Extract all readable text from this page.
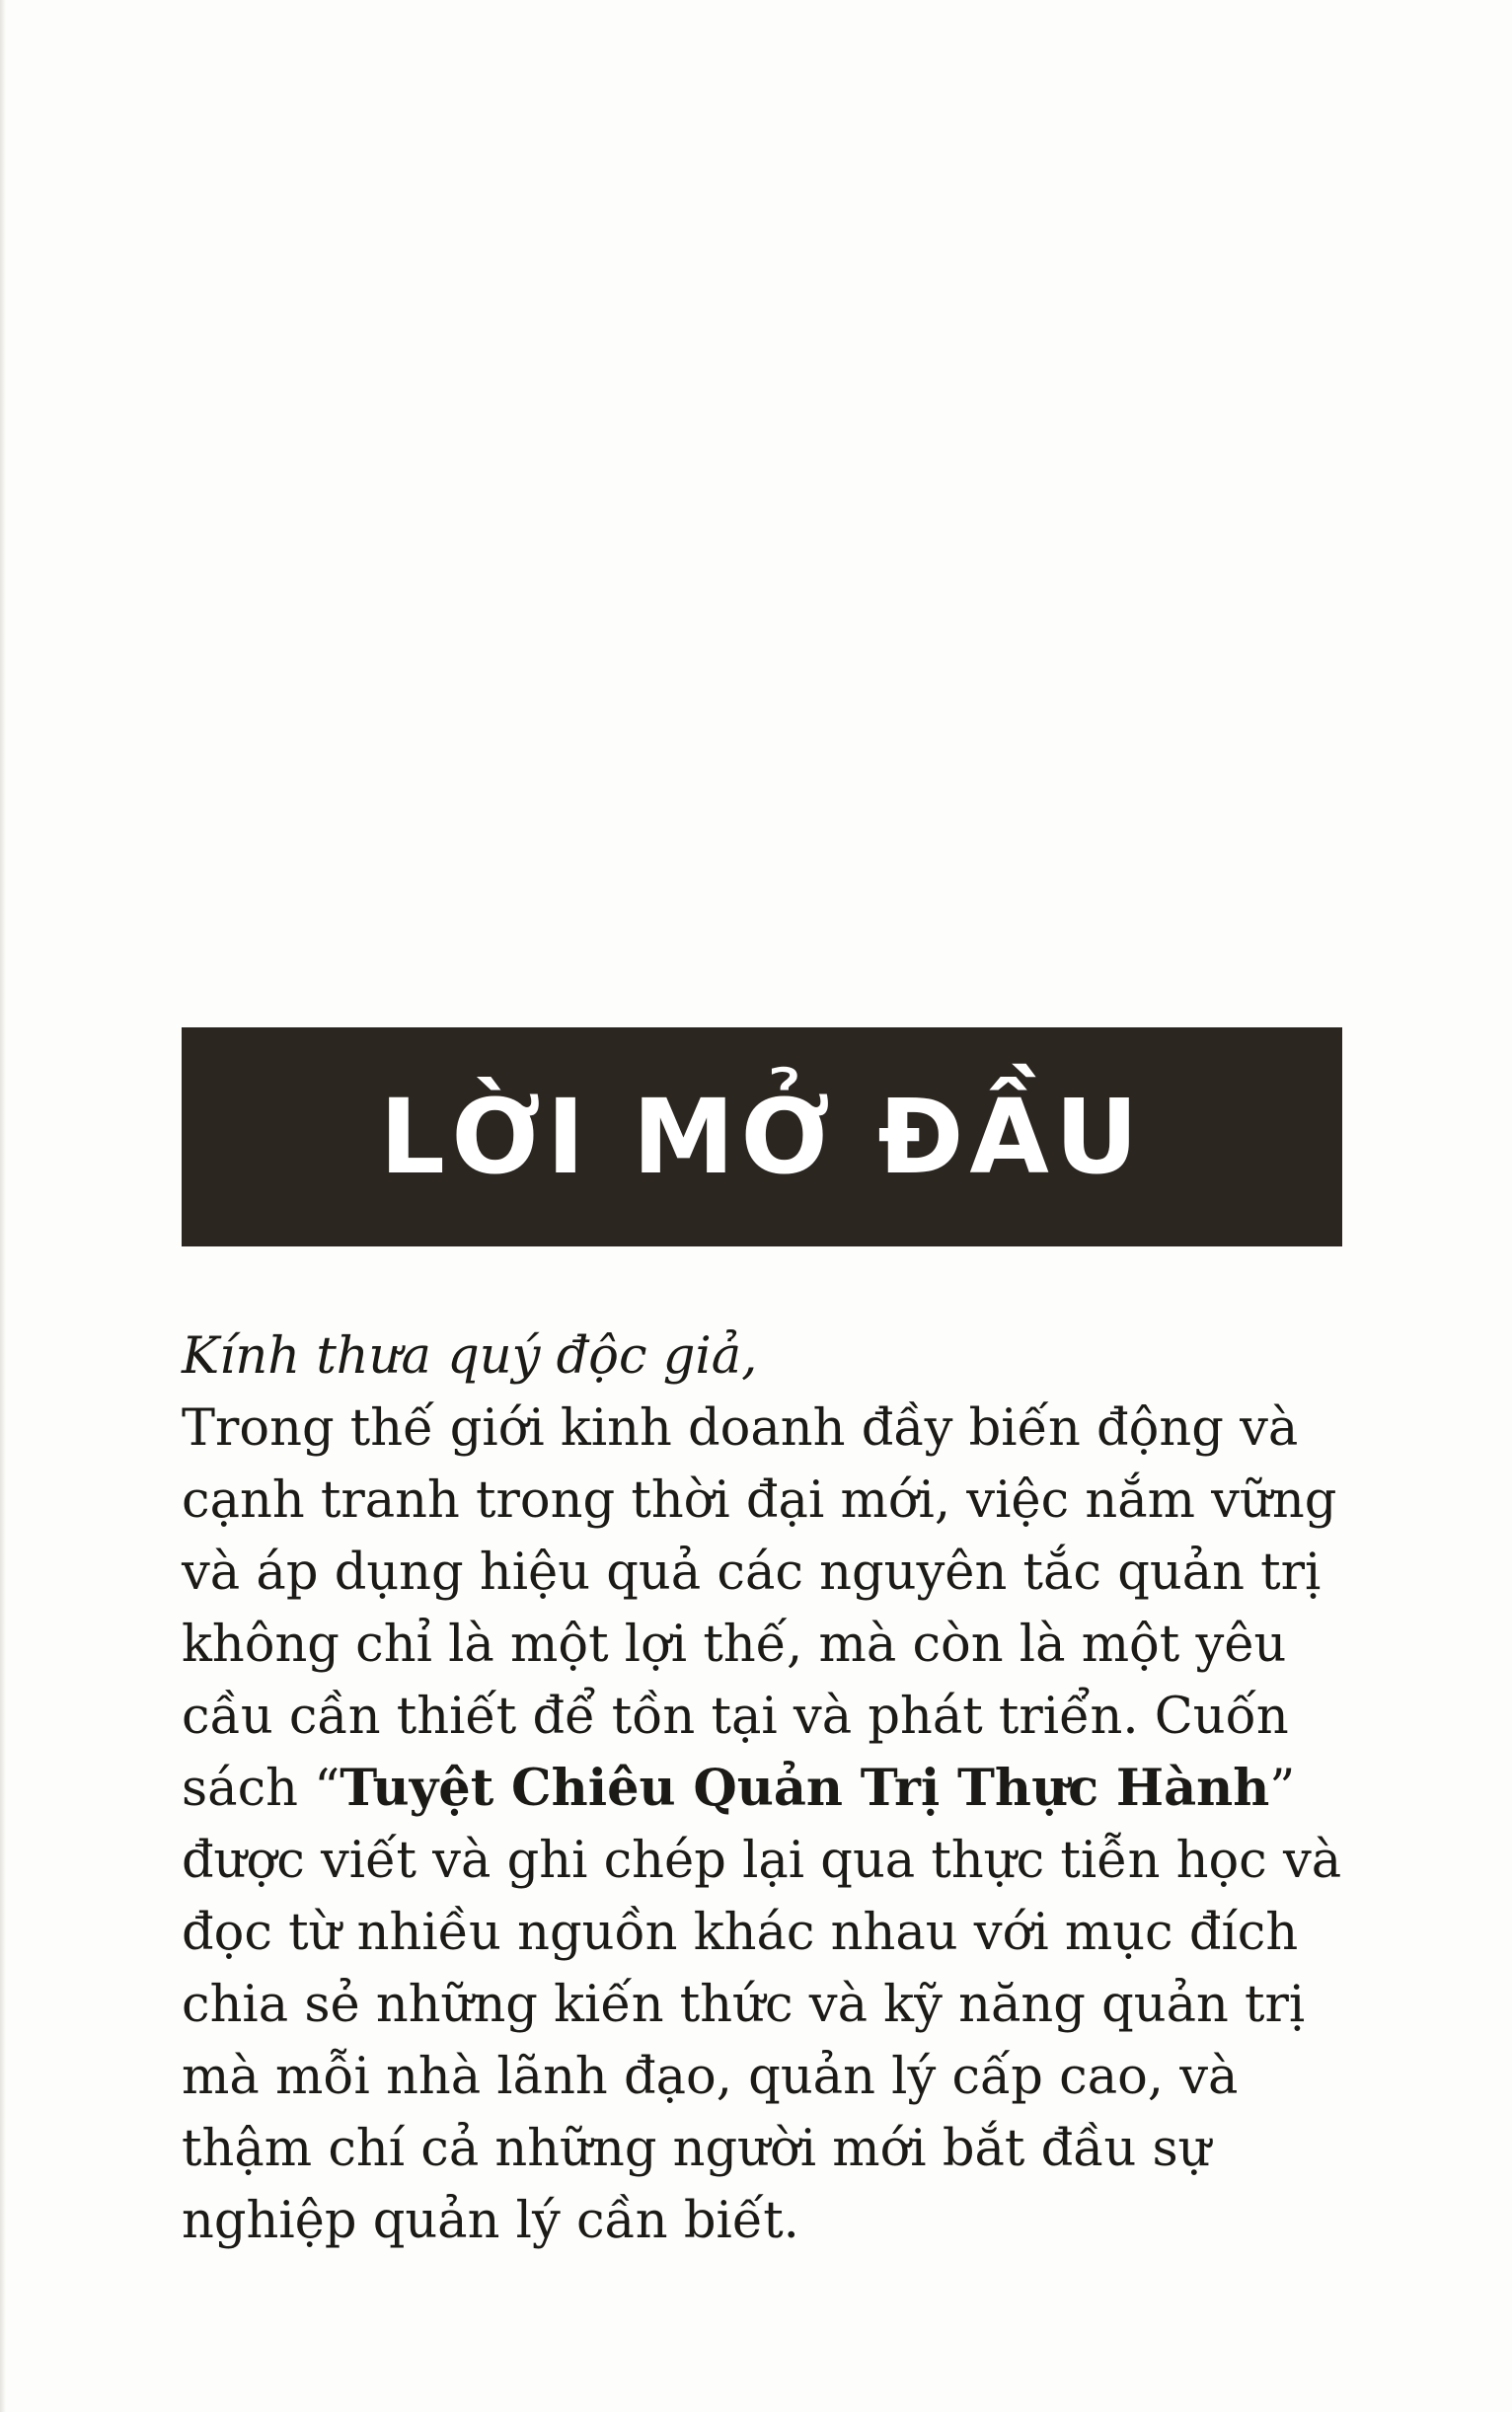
LỜI MỞ ĐẦU

Kính thưa quý độc giả,

Trong thế giới kinh doanh đầy biến động và cạnh tranh trong thời đại mới, việc nắm vững và áp dụng hiệu quả các nguyên tắc quản trị không chỉ là một lợi thế, mà còn là một yêu cầu cần thiết để tồn tại và phát triển. Cuốn sách “Tuyệt Chiêu Quản Trị Thực Hành” được viết và ghi chép lại qua thực tiễn học và đọc từ nhiều nguồn khác nhau với mục đích chia sẻ những kiến thức và kỹ năng quản trị mà mỗi nhà lãnh đạo, quản lý cấp cao, và thậm chí cả những người mới bắt đầu sự nghiệp quản lý cần biết.
